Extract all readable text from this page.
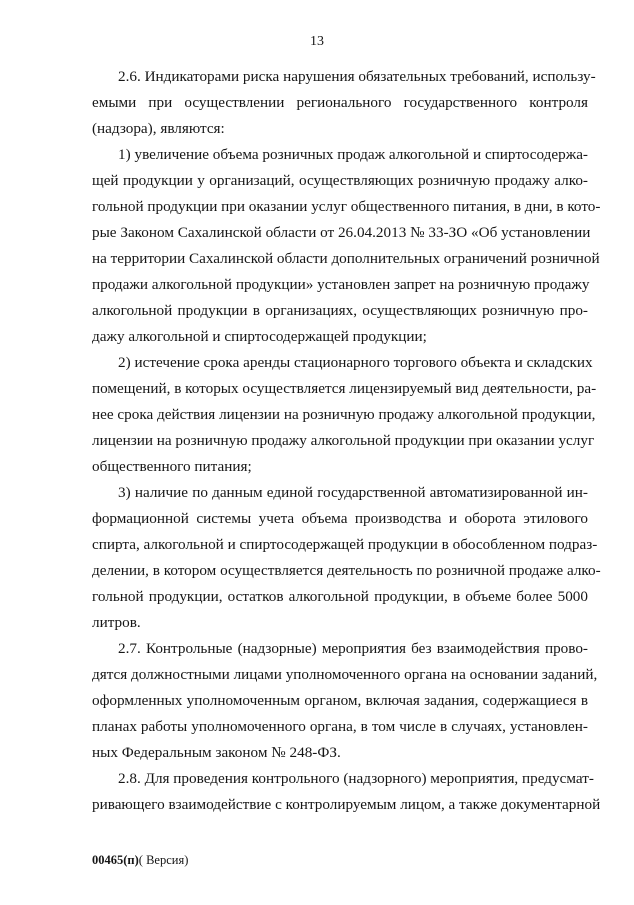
13
2.6. Индикаторами риска нарушения обязательных требований, использу-
емыми при осуществлении регионального государственного контроля
(надзора), являются:
1) увеличение объема розничных продаж алкогольной и спиртосодержа-
щей продукции у организаций, осуществляющих розничную продажу алко-
гольной продукции при оказании услуг общественного питания, в дни, в кото-
рые Законом Сахалинской области от 26.04.2013 № 33-ЗО «Об установлении
на территории Сахалинской области дополнительных ограничений розничной
продажи алкогольной продукции» установлен запрет на розничную продажу
алкогольной продукции в организациях, осуществляющих розничную про-
дажу алкогольной и спиртосодержащей продукции;
2) истечение срока аренды стационарного торгового объекта и складских
помещений, в которых осуществляется лицензируемый вид деятельности, ра-
нее срока действия лицензии на розничную продажу алкогольной продукции,
лицензии на розничную продажу алкогольной продукции при оказании услуг
общественного питания;
3) наличие по данным единой государственной автоматизированной ин-
формационной системы учета объема производства и оборота этилового
спирта, алкогольной и спиртосодержащей продукции в обособленном подраз-
делении, в котором осуществляется деятельность по розничной продаже алко-
гольной продукции, остатков алкогольной продукции, в объеме более 5000
литров.
2.7. Контрольные (надзорные) мероприятия без взаимодействия прово-
дятся должностными лицами уполномоченного органа на основании заданий,
оформленных уполномоченным органом, включая задания, содержащиеся в
планах работы уполномоченного органа, в том числе в случаях, установлен-
ных Федеральным законом № 248-ФЗ.
2.8. Для проведения контрольного (надзорного) мероприятия, предусмат-
ривающего взаимодействие с контролируемым лицом, а также документарной
00465(п)( Версия)
